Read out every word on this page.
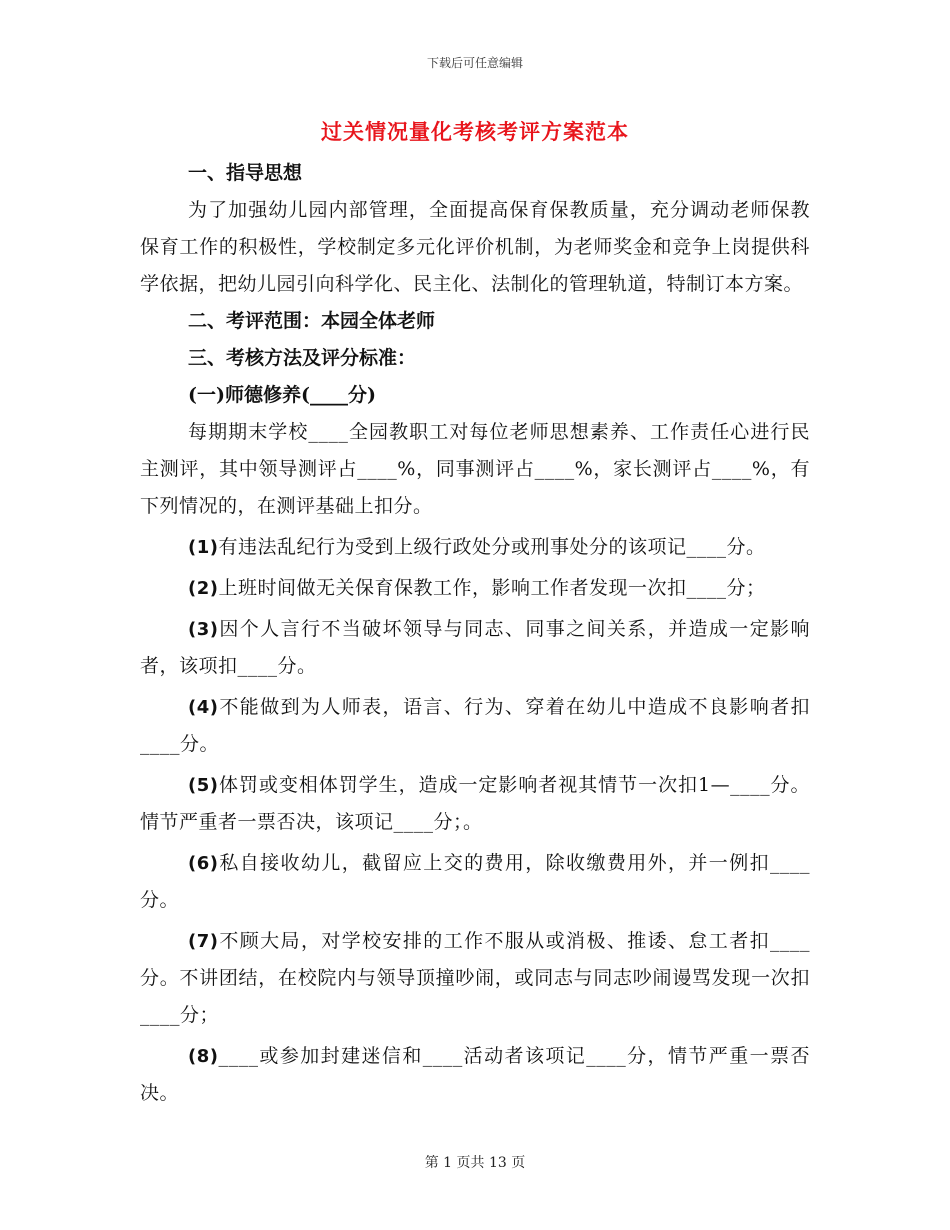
下载后可任意编辑
过关情况量化考核考评方案范本

一、指导思想

为了加强幼儿园内部管理，全面提高保育保教质量，充分调动老师保教保育工作的积极性，学校制定多元化评价机制，为老师奖金和竞争上岗提供科学依据，把幼儿园引向科学化、民主化、法制化的管理轨道，特制订本方案。

二、考评范围：本园全体老师

三、考核方法及评分标准：

(一)师德修养(____分)

每期期末学校____全园教职工对每位老师思想素养、工作责任心进行民主测评，其中领导测评占____%，同事测评占____%，家长测评占____%，有下列情况的，在测评基础上扣分。

(1)有违法乱纪行为受到上级行政处分或刑事处分的该项记____分。

(2)上班时间做无关保育保教工作，影响工作者发现一次扣____分；

(3)因个人言行不当破坏领导与同志、同事之间关系，并造成一定影响者，该项扣____分。

(4)不能做到为人师表，语言、行为、穿着在幼儿中造成不良影响者扣____分。

(5)体罚或变相体罚学生，造成一定影响者视其情节一次扣1—____分。情节严重者一票否决，该项记____分；。

(6)私自接收幼儿，截留应上交的费用，除收缴费用外，并一例扣____分。

(7)不顾大局，对学校安排的工作不服从或消极、推诿、怠工者扣____分。不讲团结，在校院内与领导顶撞吵闹，或同志与同志吵闹谩骂发现一次扣____分；

(8)____或参加封建迷信和____活动者该项记____分，情节严重一票否决。

第 1 页共 13 页
